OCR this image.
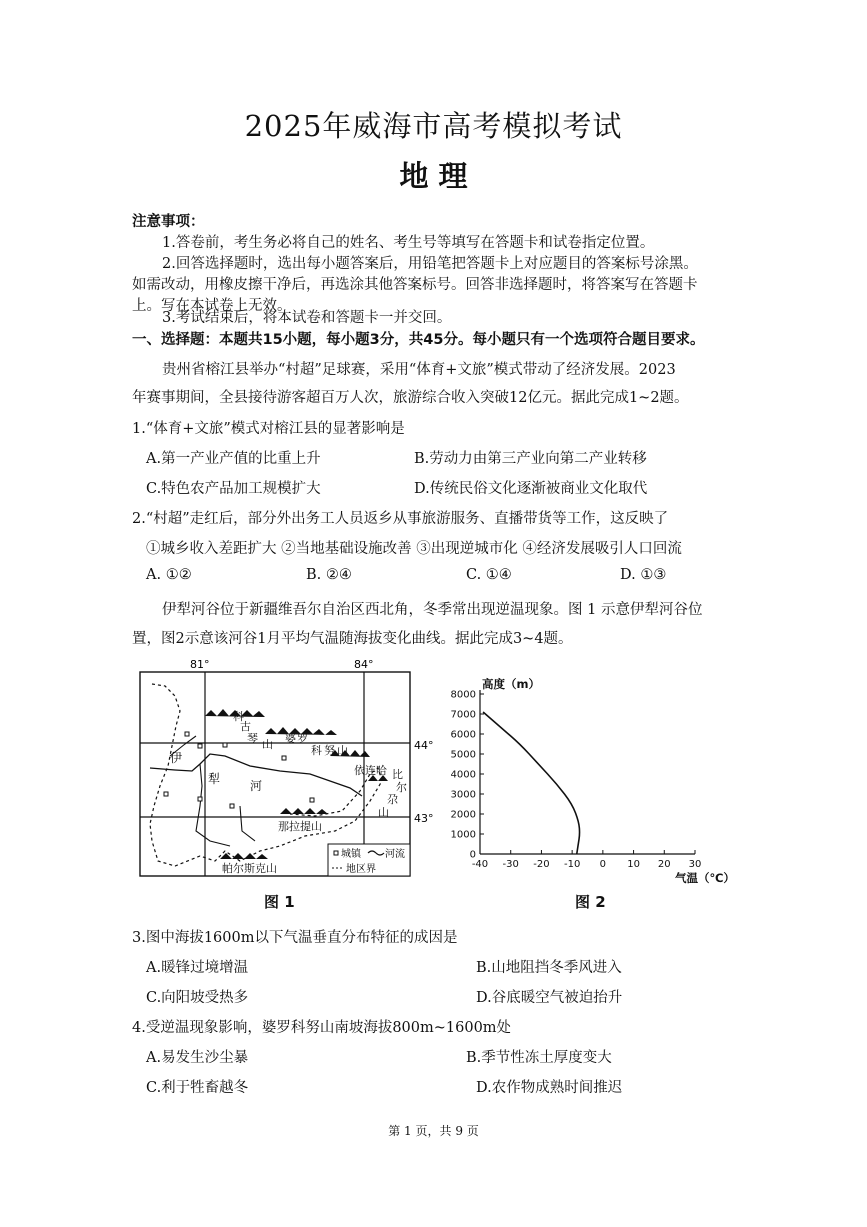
2025年威海市高考模拟考试
地 理
注意事项：
1.答卷前，考生务必将自己的姓名、考生号等填写在答题卡和试卷指定位置。
2.回答选择题时，选出每小题答案后，用铅笔把答题卡上对应题目的答案标号涂黑。
如需改动，用橡皮擦干净后，再选涂其他答案标号。回答非选择题时，将答案写在答题卡
上。写在本试卷上无效。
3.考试结束后，将本试卷和答题卡一并交回。
一、选择题：本题共15小题，每小题3分，共45分。每小题只有一个选项符合题目要求。
贵州省榕江县举办“村超”足球赛，采用“体育+文旅”模式带动了经济发展。2023
年赛事期间，全县接待游客超百万人次，旅游综合收入突破12亿元。据此完成1~2题。
1.“体育+文旅”模式对榕江县的显著影响是
A.第一产业产值的比重上升	B.劳动力由第三产业向第二产业转移
C.特色农产品加工规模扩大	D.传统民俗文化逐渐被商业文化取代
2.“村超”走红后，部分外出务工人员返乡从事旅游服务、直播带货等工作，这反映了
①城乡收入差距扩大 ②当地基础设施改善 ③出现逆城市化 ④经济发展吸引人口回流
A. ①②	B. ②④	C. ①④	D. ①③
伊犁河谷位于新疆维吾尔自治区西北角，冬季常出现逆温现象。图 1 示意伊犁河谷位
置，图2示意该河谷1月平均气温随海拔变化曲线。据此完成3~4题。
81°	84°
44°
43°
科
古
琴 山 婆 罗
科 努 山
依连哈 比
尔
尕
山
伊
犁 河
那拉提山
帕尔斯克山
城镇 河流
地区界
图 1
0
1000
2000
3000
4000
5000
6000
7000
8000
-40 -30 -20 -10 0 10 20 30
高度（m）
气温（℃）
图 2
3.图中海拔1600m以下气温垂直分布特征的成因是
A.暖锋过境增温	B.山地阻挡冬季风进入
C.向阳坡受热多	D.谷底暖空气被迫抬升
4.受逆温现象影响，婆罗科努山南坡海拔800m~1600m处
A.易发生沙尘暴	B.季节性冻土厚度变大
C.利于牲畜越冬	D.农作物成熟时间推迟
第 1 页，共 9 页
